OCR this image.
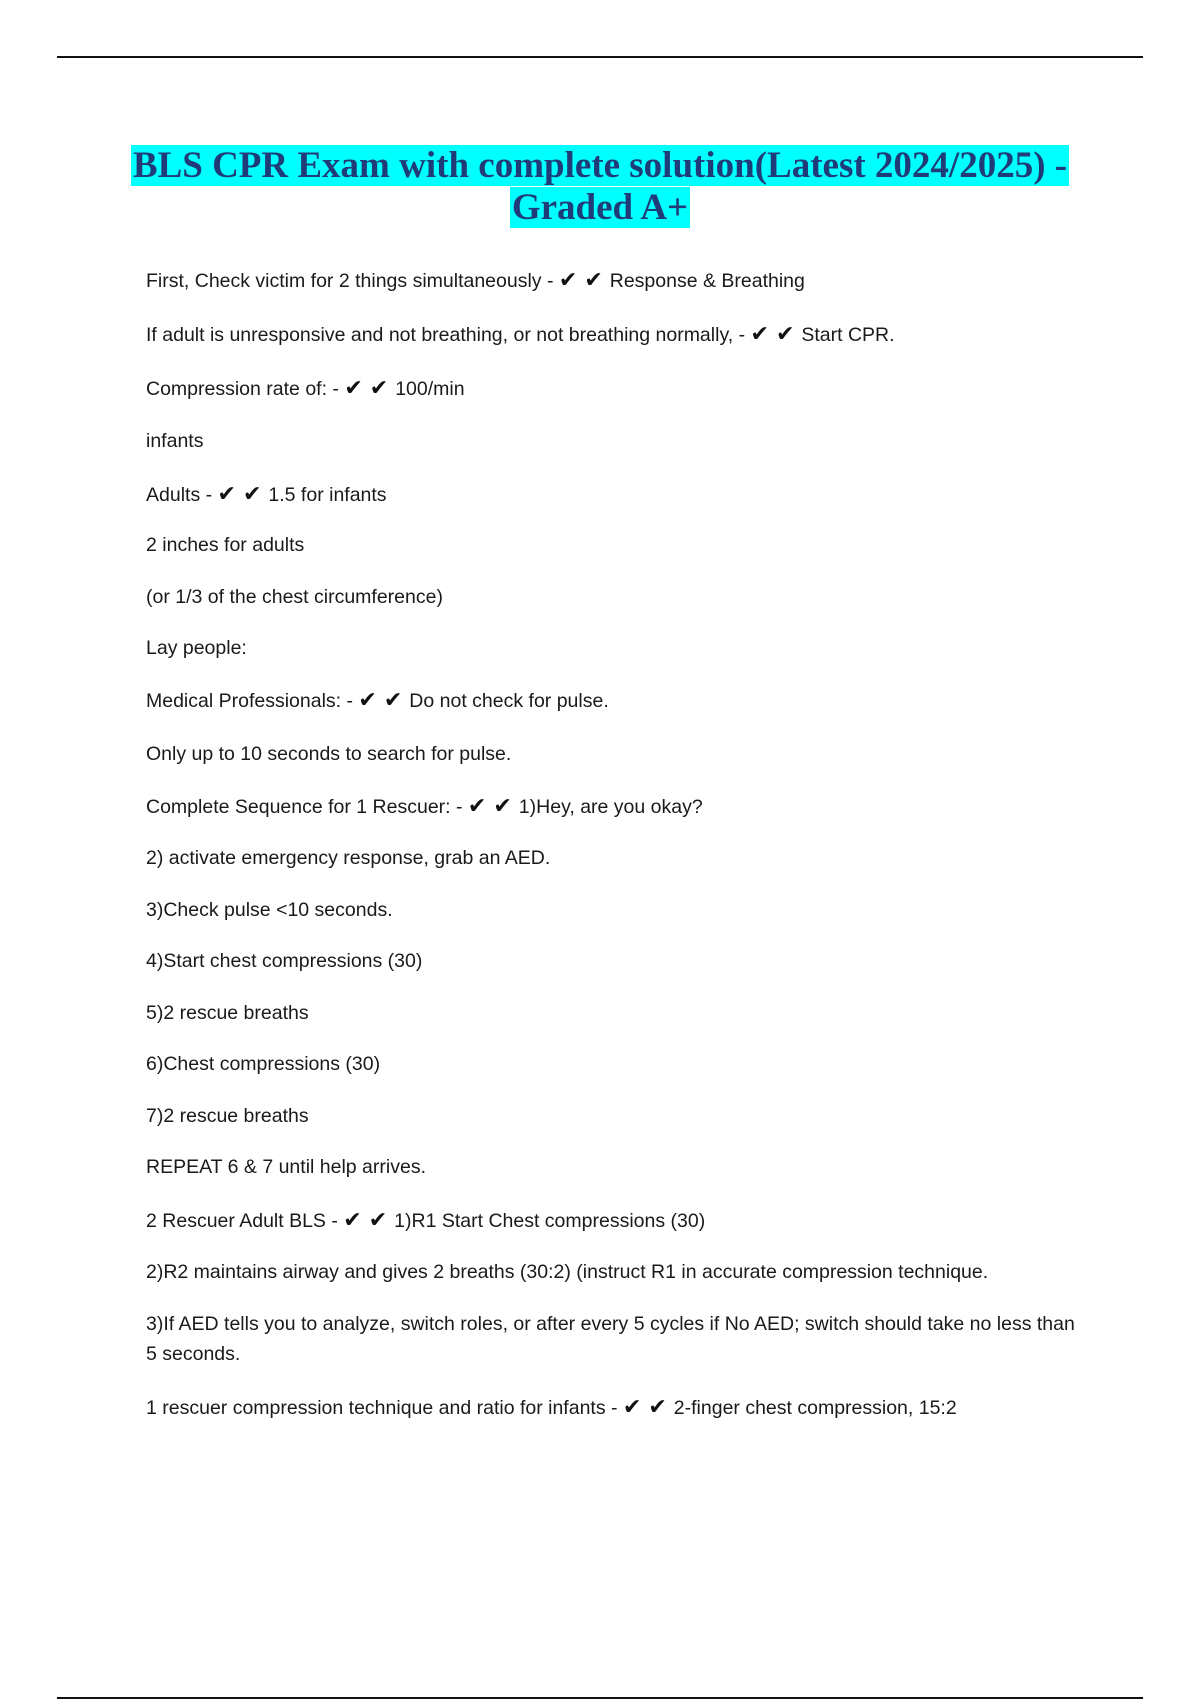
BLS CPR Exam with complete solution(Latest 2024/2025) -
Graded A+
First, Check victim for 2 things simultaneously - ✔ ✔ Response & Breathing
If adult is unresponsive and not breathing, or not breathing normally, - ✔ ✔ Start CPR.
Compression rate of: - ✔ ✔ 100/min
infants
Adults - ✔ ✔ 1.5 for infants
2 inches for adults
(or 1/3 of the chest circumference)
Lay people:
Medical Professionals: - ✔ ✔ Do not check for pulse.
Only up to 10 seconds to search for pulse.
Complete Sequence for 1 Rescuer: - ✔ ✔ 1)Hey, are you okay?
2) activate emergency response, grab an AED.
3)Check pulse <10 seconds.
4)Start chest compressions (30)
5)2 rescue breaths
6)Chest compressions (30)
7)2 rescue breaths
REPEAT 6 & 7 until help arrives.
2 Rescuer Adult BLS - ✔ ✔ 1)R1 Start Chest compressions (30)
2)R2 maintains airway and gives 2 breaths (30:2) (instruct R1 in accurate compression technique.
3)If AED tells you to analyze, switch roles, or after every 5 cycles if No AED; switch should take no less than 5 seconds.
1 rescuer compression technique and ratio for infants - ✔ ✔ 2-finger chest compression, 15:2
